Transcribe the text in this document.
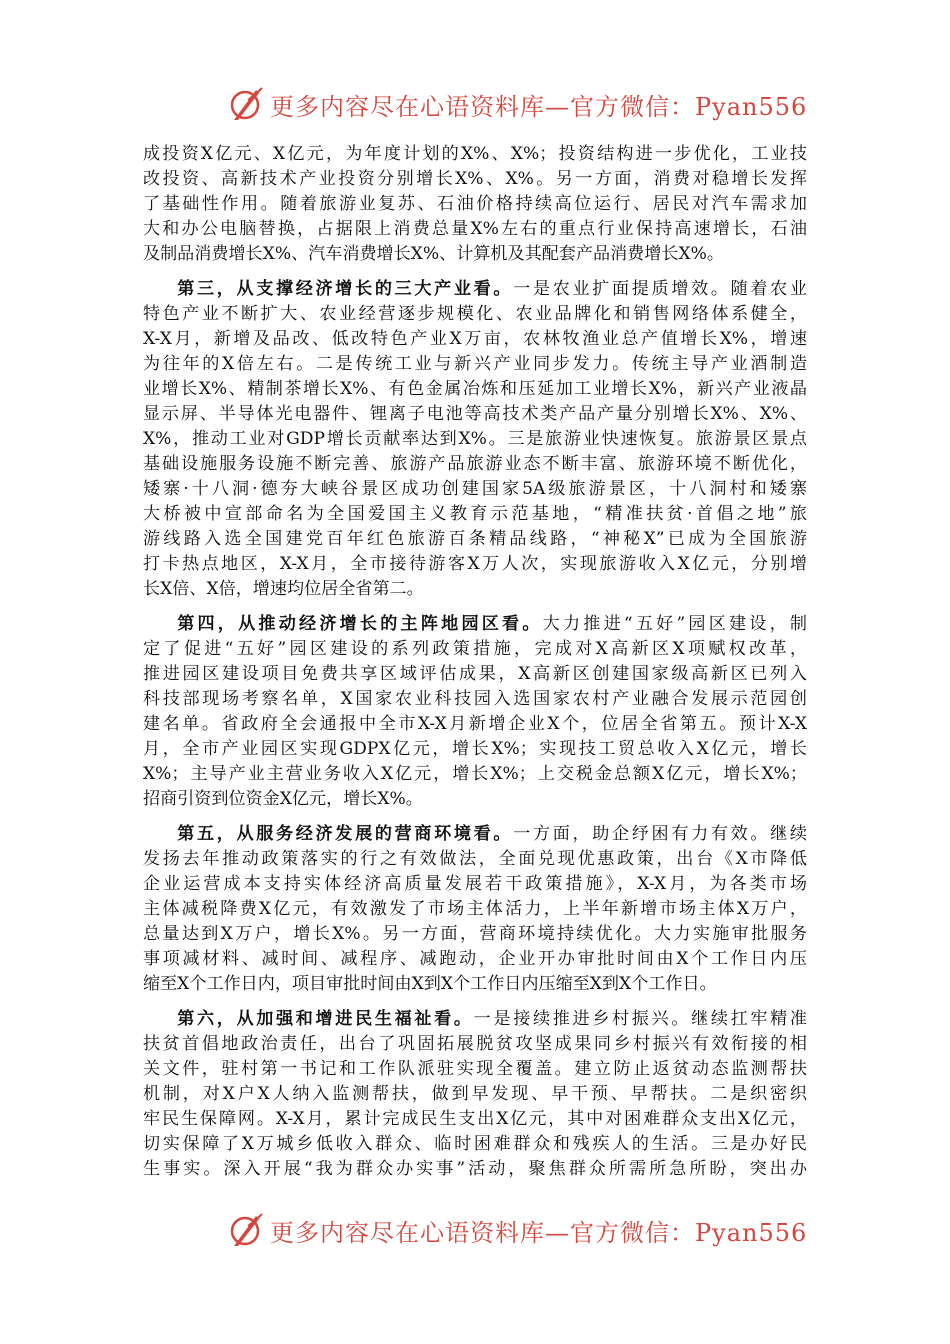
更多内容尽在心语资料库—官方微信：Pyan556
成投资X亿元、X亿元，为年度计划的X%、X%；投资结构进一步优化，工业技
改投资、高新技术产业投资分别增长X%、X%。另一方面，消费对稳增长发挥
了基础性作用。随着旅游业复苏、石油价格持续高位运行、居民对汽车需求加
大和办公电脑替换，占据限上消费总量X%左右的重点行业保持高速增长，石油
及制品消费增长X%、汽车消费增长X%、计算机及其配套产品消费增长X%。
第三，从支撑经济增长的三大产业看。一是农业扩面提质增效。随着农业
特色产业不断扩大、农业经营逐步规模化、农业品牌化和销售网络体系健全，
X-X月，新增及品改、低改特色产业X万亩，农林牧渔业总产值增长X%，增速
为往年的X倍左右。二是传统工业与新兴产业同步发力。传统主导产业酒制造
业增长X%、精制茶增长X%、有色金属冶炼和压延加工业增长X%，新兴产业液晶
显示屏、半导体光电器件、锂离子电池等高技术类产品产量分别增长X%、X%、
X%，推动工业对GDP增长贡献率达到X%。三是旅游业快速恢复。旅游景区景点
基础设施服务设施不断完善、旅游产品旅游业态不断丰富、旅游环境不断优化，
矮寨·十八洞·德夯大峡谷景区成功创建国家5A级旅游景区，十八洞村和矮寨
大桥被中宣部命名为全国爱国主义教育示范基地，“精准扶贫·首倡之地”旅
游线路入选全国建党百年红色旅游百条精品线路，“神秘X”已成为全国旅游
打卡热点地区，X-X月，全市接待游客X万人次，实现旅游收入X亿元，分别增
长X倍、X倍，增速均位居全省第二。
第四，从推动经济增长的主阵地园区看。大力推进“五好”园区建设，制
定了促进“五好”园区建设的系列政策措施，完成对X高新区X项赋权改革，
推进园区建设项目免费共享区域评估成果，X高新区创建国家级高新区已列入
科技部现场考察名单，X国家农业科技园入选国家农村产业融合发展示范园创
建名单。省政府全会通报中全市X-X月新增企业X个，位居全省第五。预计X-X
月，全市产业园区实现GDPX亿元，增长X%；实现技工贸总收入X亿元，增长
X%；主导产业主营业务收入X亿元，增长X%；上交税金总额X亿元，增长X%；
招商引资到位资金X亿元，增长X%。
第五，从服务经济发展的营商环境看。一方面，助企纾困有力有效。继续
发扬去年推动政策落实的行之有效做法，全面兑现优惠政策，出台《X市降低
企业运营成本支持实体经济高质量发展若干政策措施》，X-X月，为各类市场
主体减税降费X亿元，有效激发了市场主体活力，上半年新增市场主体X万户，
总量达到X万户，增长X%。另一方面，营商环境持续优化。大力实施审批服务
事项减材料、减时间、减程序、减跑动，企业开办审批时间由X个工作日内压
缩至X个工作日内，项目审批时间由X到X个工作日内压缩至X到X个工作日。
第六，从加强和增进民生福祉看。一是接续推进乡村振兴。继续扛牢精准
扶贫首倡地政治责任，出台了巩固拓展脱贫攻坚成果同乡村振兴有效衔接的相
关文件，驻村第一书记和工作队派驻实现全覆盖。建立防止返贫动态监测帮扶
机制，对X户X人纳入监测帮扶，做到早发现、早干预、早帮扶。二是织密织
牢民生保障网。X-X月，累计完成民生支出X亿元，其中对困难群众支出X亿元，
切实保障了X万城乡低收入群众、临时困难群众和残疾人的生活。三是办好民
生事实。深入开展“我为群众办实事”活动，聚焦群众所需所急所盼，突出办
更多内容尽在心语资料库—官方微信：Pyan556
